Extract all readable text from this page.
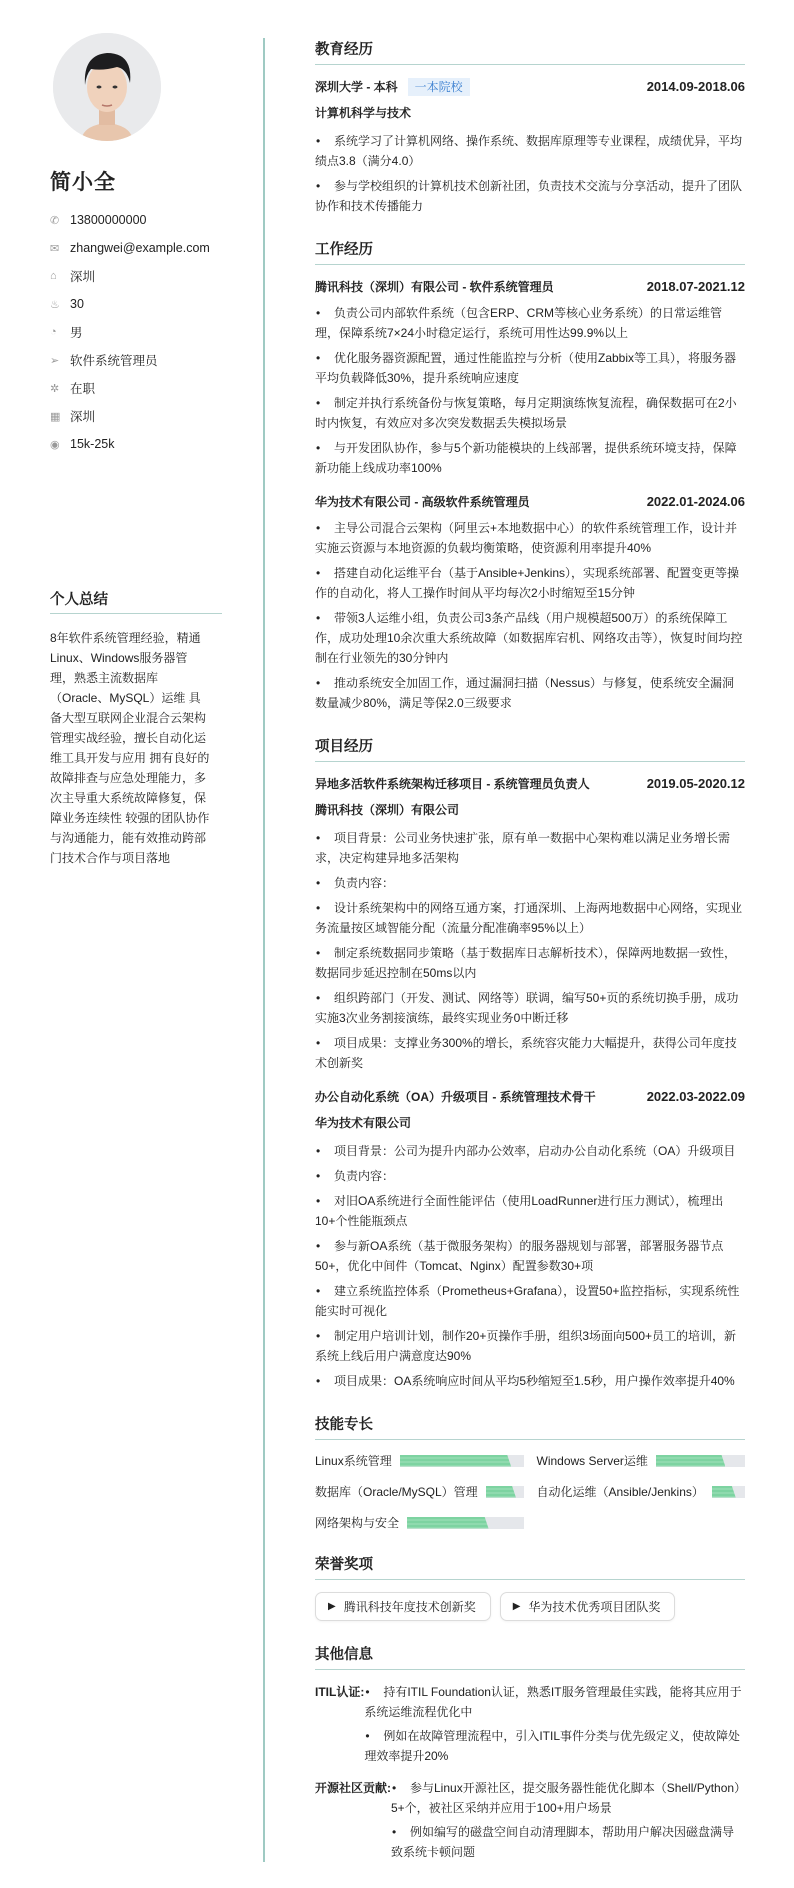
简小全
✆ 13800000000
✉ zhangwei@example.com
⌂	深圳
♨ 30
◔	男
➢ 软件系统管理员
✲ 在职
▦ 深圳
◉ 15k-25k
个人总结
8年软件系统管理经验，精通Linux、Windows服务器管理，熟悉主流数据库（Oracle、MySQL）运维 具备大型互联网企业混合云架构管理实战经验，擅长自动化运维工具开发与应用 拥有良好的故障排查与应急处理能力，多次主导重大系统故障修复，保障业务连续性 较强的团队协作与沟通能力，能有效推动跨部门技术合作与项目落地
教育经历
深圳大学 - 本科 一本院校	2014.09-2018.06
计算机科学与技术
• 系统学习了计算机网络、操作系统、数据库原理等专业课程，成绩优异，平均绩点3.8（满分4.0）
• 参与学校组织的计算机技术创新社团，负责技术交流与分享活动，提升了团队协作和技术传播能力
工作经历
腾讯科技（深圳）有限公司 - 软件系统管理员	2018.07-2021.12
• 负责公司内部软件系统（包含ERP、CRM等核心业务系统）的日常运维管理，保障系统7×24小时稳定运行，系统可用性达99.9%以上
• 优化服务器资源配置，通过性能监控与分析（使用Zabbix等工具），将服务器平均负载降低30%，提升系统响应速度
• 制定并执行系统备份与恢复策略，每月定期演练恢复流程，确保数据可在2小时内恢复，有效应对多次突发数据丢失模拟场景
• 与开发团队协作，参与5个新功能模块的上线部署，提供系统环境支持，保障新功能上线成功率100%
华为技术有限公司 - 高级软件系统管理员	2022.01-2024.06
• 主导公司混合云架构（阿里云+本地数据中心）的软件系统管理工作，设计并实施云资源与本地资源的负载均衡策略，使资源利用率提升40%
• 搭建自动化运维平台（基于Ansible+Jenkins），实现系统部署、配置变更等操作的自动化，将人工操作时间从平均每次2小时缩短至15分钟
• 带领3人运维小组，负责公司3条产品线（用户规模超500万）的系统保障工作，成功处理10余次重大系统故障（如数据库宕机、网络攻击等），恢复时间均控制在行业领先的30分钟内
• 推动系统安全加固工作，通过漏洞扫描（Nessus）与修复，使系统安全漏洞数量减少80%，满足等保2.0三级要求
项目经历
异地多活软件系统架构迁移项目 - 系统管理员负责人	2019.05-2020.12
腾讯科技（深圳）有限公司
• 项目背景：公司业务快速扩张，原有单一数据中心架构难以满足业务增长需求，决定构建异地多活架构
• 负责内容：
• 设计系统架构中的网络互通方案，打通深圳、上海两地数据中心网络，实现业务流量按区域智能分配（流量分配准确率95%以上）
• 制定系统数据同步策略（基于数据库日志解析技术），保障两地数据一致性，数据同步延迟控制在50ms以内
• 组织跨部门（开发、测试、网络等）联调，编写50+页的系统切换手册，成功实施3次业务割接演练，最终实现业务0中断迁移
• 项目成果：支撑业务300%的增长，系统容灾能力大幅提升，获得公司年度技术创新奖
办公自动化系统（OA）升级项目 - 系统管理技术骨干	2022.03-2022.09
华为技术有限公司
• 项目背景：公司为提升内部办公效率，启动办公自动化系统（OA）升级项目
• 负责内容：
• 对旧OA系统进行全面性能评估（使用LoadRunner进行压力测试），梳理出10+个性能瓶颈点
• 参与新OA系统（基于微服务架构）的服务器规划与部署，部署服务器节点50+，优化中间件（Tomcat、Nginx）配置参数30+项
• 建立系统监控体系（Prometheus+Grafana），设置50+监控指标，实现系统性能实时可视化
• 制定用户培训计划，制作20+页操作手册，组织3场面向500+员工的培训，新系统上线后用户满意度达90%
• 项目成果：OA系统响应时间从平均5秒缩短至1.5秒，用户操作效率提升40%
技能专长
Linux系统管理	Windows Server运维
数据库（Oracle/MySQL）管理	自动化运维（Ansible/Jenkins）
网络架构与安全
荣誉奖项
▶ 腾讯科技年度技术创新奖	▶ 华为技术优秀项目团队奖
其他信息
ITIL认证:	• 持有ITIL Foundation认证，熟悉IT服务管理最佳实践，能将其应用于系统运维流程优化中
• 例如在故障管理流程中，引入ITIL事件分类与优先级定义，使故障处理效率提升20%
开源社区贡献:	• 参与Linux开源社区，提交服务器性能优化脚本（Shell/Python）5+个，被社区采纳并应用于100+用户场景
• 例如编写的磁盘空间自动清理脚本，帮助用户解决因磁盘满导致系统卡顿问题
